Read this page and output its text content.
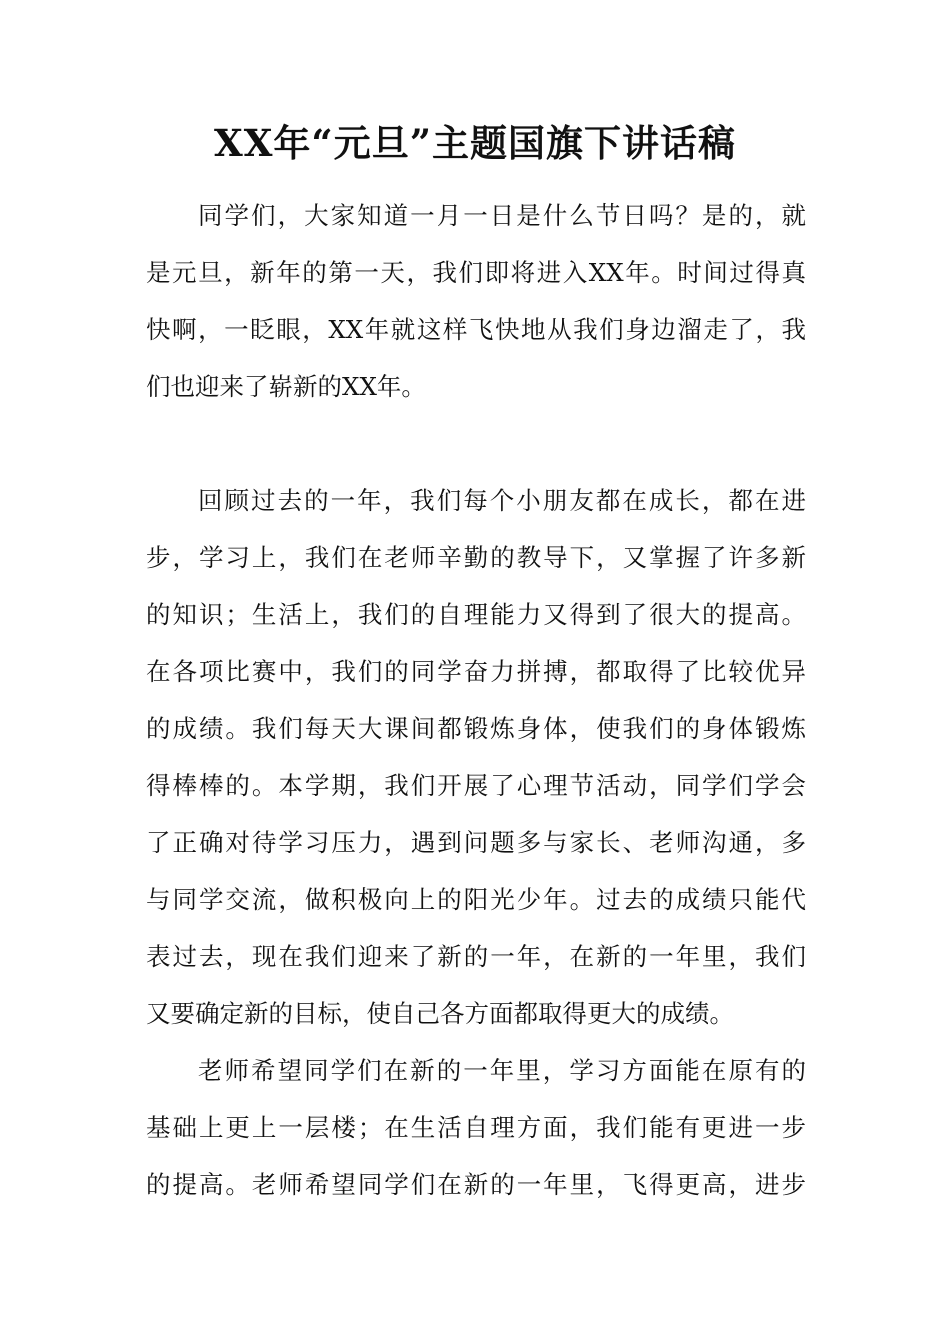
XX年“元旦”主题国旗下讲话稿
同学们，大家知道一月一日是什么节日吗？是的，就
是元旦，新年的第一天，我们即将进入XX年。时间过得真
快啊，一眨眼，XX年就这样飞快地从我们身边溜走了，我
们也迎来了崭新的XX年。
回顾过去的一年，我们每个小朋友都在成长，都在进
步，学习上，我们在老师辛勤的教导下，又掌握了许多新
的知识；生活上，我们的自理能力又得到了很大的提高。
在各项比赛中，我们的同学奋力拼搏，都取得了比较优异
的成绩。我们每天大课间都锻炼身体，使我们的身体锻炼
得棒棒的。本学期，我们开展了心理节活动，同学们学会
了正确对待学习压力，遇到问题多与家长、老师沟通，多
与同学交流，做积极向上的阳光少年。过去的成绩只能代
表过去，现在我们迎来了新的一年，在新的一年里，我们
又要确定新的目标，使自己各方面都取得更大的成绩。
老师希望同学们在新的一年里，学习方面能在原有的
基础上更上一层楼；在生活自理方面，我们能有更进一步
的提高。老师希望同学们在新的一年里，飞得更高，进步
